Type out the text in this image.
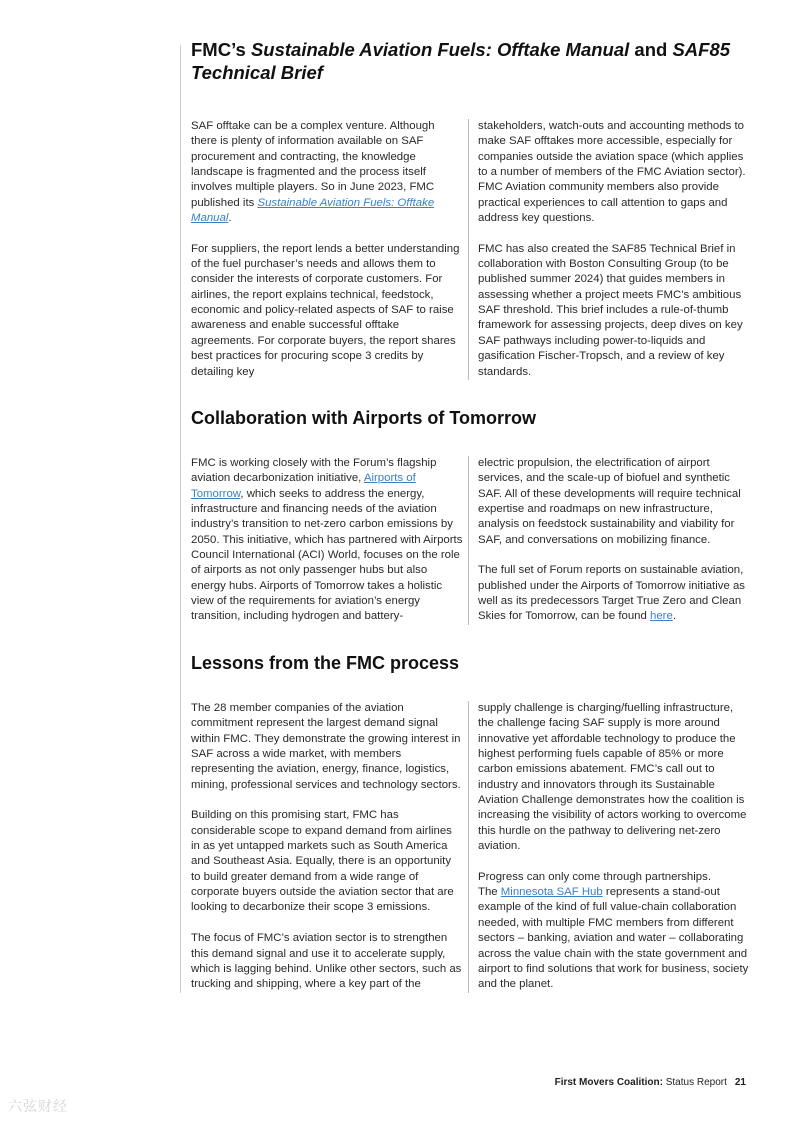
FMC’s Sustainable Aviation Fuels: Offtake Manual and SAF85 Technical Brief

SAF offtake can be a complex venture. Although there is plenty of information available on SAF procurement and contracting, the knowledge landscape is fragmented and the process itself involves multiple players. So in June 2023, FMC published its Sustainable Aviation Fuels: Offtake Manual.

For suppliers, the report lends a better understanding of the fuel purchaser’s needs and allows them to consider the interests of corporate customers. For airlines, the report explains technical, feedstock, economic and policy-related aspects of SAF to raise awareness and enable successful offtake agreements. For corporate buyers, the report shares best practices for procuring scope 3 credits by detailing key

stakeholders, watch-outs and accounting methods to make SAF offtakes more accessible, especially for companies outside the aviation space (which applies to a number of members of the FMC Aviation sector). FMC Aviation community members also provide practical experiences to call attention to gaps and address key questions.

FMC has also created the SAF85 Technical Brief in collaboration with Boston Consulting Group (to be published summer 2024) that guides members in assessing whether a project meets FMC’s ambitious SAF threshold. This brief includes a rule-of-thumb framework for assessing projects, deep dives on key SAF pathways including power-to-liquids and gasification Fischer-Tropsch, and a review of key standards.

Collaboration with Airports of Tomorrow

FMC is working closely with the Forum’s flagship aviation decarbonization initiative, Airports of Tomorrow, which seeks to address the energy, infrastructure and financing needs of the aviation industry’s transition to net-zero carbon emissions by 2050. This initiative, which has partnered with Airports Council International (ACI) World, focuses on the role of airports as not only passenger hubs but also energy hubs. Airports of Tomorrow takes a holistic view of the requirements for aviation’s energy transition, including hydrogen and battery-

electric propulsion, the electrification of airport services, and the scale-up of biofuel and synthetic SAF. All of these developments will require technical expertise and roadmaps on new infrastructure, analysis on feedstock sustainability and viability for SAF, and conversations on mobilizing finance.

The full set of Forum reports on sustainable aviation, published under the Airports of Tomorrow initiative as well as its predecessors Target True Zero and Clean Skies for Tomorrow, can be found here.

Lessons from the FMC process

The 28 member companies of the aviation commitment represent the largest demand signal within FMC. They demonstrate the growing interest in SAF across a wide market, with members representing the aviation, energy, finance, logistics, mining, professional services and technology sectors.

Building on this promising start, FMC has considerable scope to expand demand from airlines in as yet untapped markets such as South America and Southeast Asia. Equally, there is an opportunity to build greater demand from a wide range of corporate buyers outside the aviation sector that are looking to decarbonize their scope 3 emissions.

The focus of FMC’s aviation sector is to strengthen this demand signal and use it to accelerate supply, which is lagging behind. Unlike other sectors, such as trucking and shipping, where a key part of the

supply challenge is charging/fuelling infrastructure, the challenge facing SAF supply is more around innovative yet affordable technology to produce the highest performing fuels capable of 85% or more carbon emissions abatement. FMC’s call out to industry and innovators through its Sustainable Aviation Challenge demonstrates how the coalition is increasing the visibility of actors working to overcome this hurdle on the pathway to delivering net-zero aviation.

Progress can only come through partnerships.
The Minnesota SAF Hub represents a stand-out example of the kind of full value-chain collaboration needed, with multiple FMC members from different sectors – banking, aviation and water – collaborating across the value chain with the state government and airport to find solutions that work for business, society and the planet.

First Movers Coalition: Status Report 21
六弦财经
